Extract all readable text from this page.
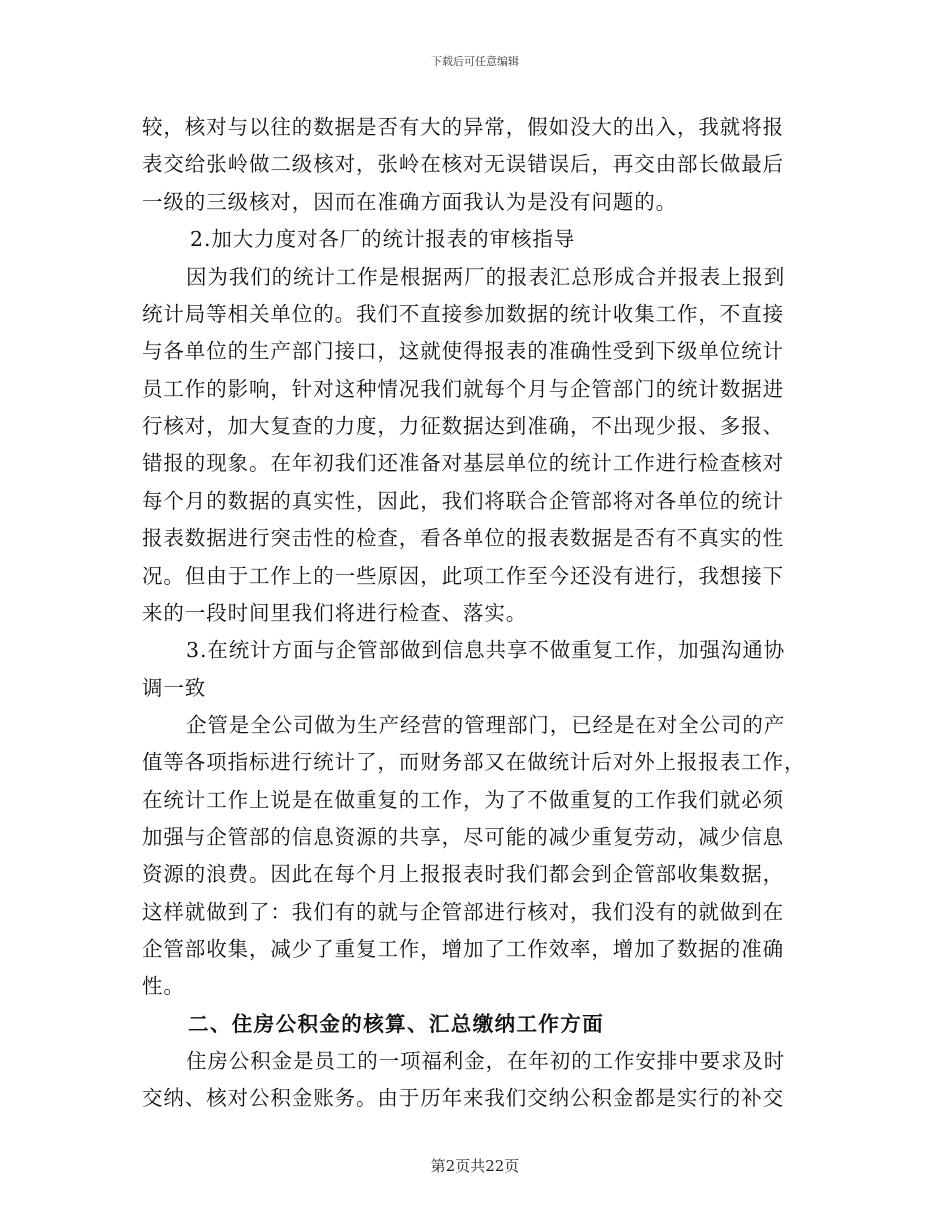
下载后可任意编辑
较，核对与以往的数据是否有大的异常，假如没大的出入，我就将报
表交给张岭做二级核对，张岭在核对无误错误后，再交由部长做最后
一级的三级核对，因而在准确方面我认为是没有问题的。
2.加大力度对各厂的统计报表的审核指导
因为我们的统计工作是根据两厂的报表汇总形成合并报表上报到
统计局等相关单位的。我们不直接参加数据的统计收集工作，不直接
与各单位的生产部门接口，这就使得报表的准确性受到下级单位统计
员工作的影响，针对这种情况我们就每个月与企管部门的统计数据进
行核对，加大复查的力度，力征数据达到准确，不出现少报、多报、
错报的现象。在年初我们还准备对基层单位的统计工作进行检查核对
每个月的数据的真实性，因此，我们将联合企管部将对各单位的统计
报表数据进行突击性的检查，看各单位的报表数据是否有不真实的性
况。但由于工作上的一些原因，此项工作至今还没有进行，我想接下
来的一段时间里我们将进行检查、落实。
3.在统计方面与企管部做到信息共享不做重复工作，加强沟通协
调一致
企管是全公司做为生产经营的管理部门，已经是在对全公司的产
值等各项指标进行统计了，而财务部又在做统计后对外上报报表工作，
在统计工作上说是在做重复的工作，为了不做重复的工作我们就必须
加强与企管部的信息资源的共享，尽可能的减少重复劳动，减少信息
资源的浪费。因此在每个月上报报表时我们都会到企管部收集数据，
这样就做到了：我们有的就与企管部进行核对，我们没有的就做到在
企管部收集，减少了重复工作，增加了工作效率，增加了数据的准确
性。
二、住房公积金的核算、汇总缴纳工作方面
住房公积金是员工的一项福利金，在年初的工作安排中要求及时
交纳、核对公积金账务。由于历年来我们交纳公积金都是实行的补交
第2页共22页
